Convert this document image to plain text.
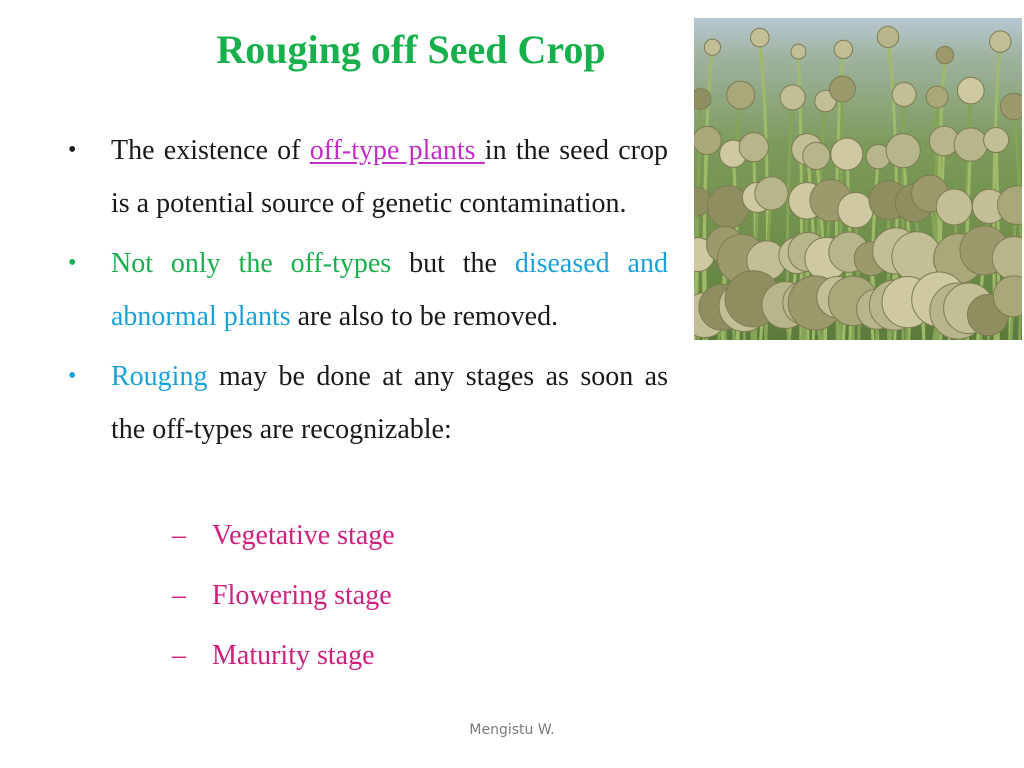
Rouging off Seed Crop
•	The existence of off-type plants in the seed crop is a potential source of genetic contamination.
•	Not only the off-types but the diseased and abnormal plants are also to be removed.
•	Rouging may be done at any stages as soon as the off-types are recognizable:
– Vegetative stage
– Flowering stage
– Maturity stage
Mengistu W.
